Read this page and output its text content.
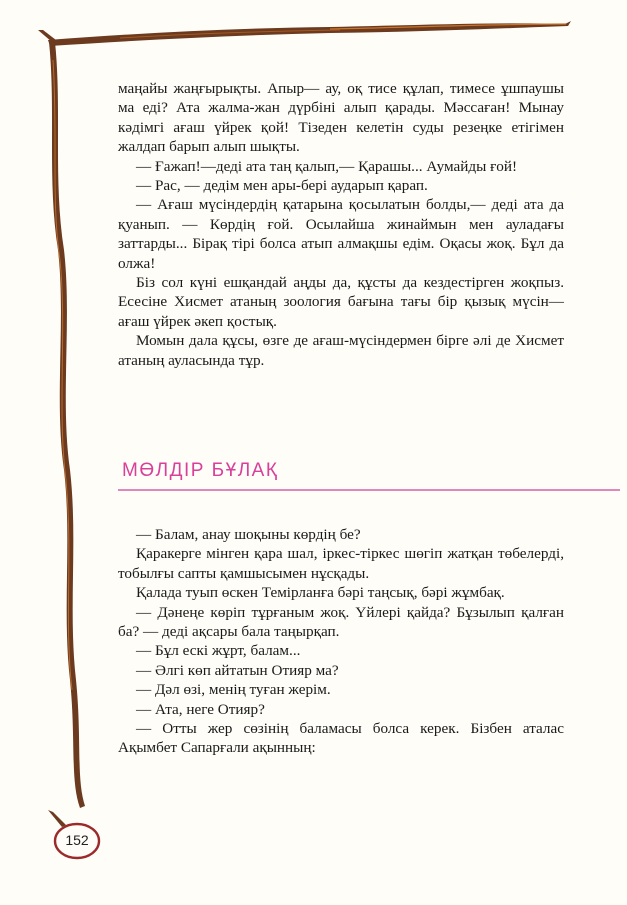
маңайы жаңғырықты. Апыр— ау, оқ тисе құлап, тимесе ұшпаушы ма еді? Ата жалма-жан дүрбіні алып қарады. Мәссаған! Мынау кәдімгі ағаш үйрек қой! Тізеден келетін суды резеңке етігімен жалдап барып алып шықты.

— Ғажап!—деді ата таң қалып,— Қарашы... Аумайды ғой!

— Рас, — дедім мен ары-бері аударып қарап.

— Ағаш мүсіндердің қатарына қосылатын болды,— деді ата да қуанып. — Көрдің ғой. Осылайша жинаймын мен ауладағы заттарды... Бірақ тірі болса атып алмақшы едім. Оқасы жоқ. Бұл да олжа!

Біз сол күні ешқандай аңды да, құсты да кездестірген жоқпыз. Есесіне Хисмет атаның зоология бағына тағы бір қызық мүсін— ағаш үйрек әкеп қостық.

Момын дала құсы, өзге де ағаш-мүсіндермен бірге әлі де Хисмет атаның ауласында тұр.

МӨЛДІР БҰЛАҚ

— Балам, анау шоқыны көрдің бе?

Қаракерге мінген қара шал, іркес-тіркес шөгіп жатқан төбелерді, тобылғы сапты қамшысымен нұсқады.

Қалада туып өскен Темірланға бәрі таңсық, бәрі жұмбақ.

— Дәнеңе көріп тұрғаным жоқ. Үйлері қайда? Бұзылып қалған ба? — деді ақсары бала таңырқап.

— Бұл ескі жұрт, балам...

— Әлгі көп айтатын Отияр ма?

— Дәл өзі, менің туған жерім.

— Ата, неге Отияр?

— Отты жер сөзінің баламасы болса керек. Бізбен аталас Ақымбет Сапарғали ақынның:

152
